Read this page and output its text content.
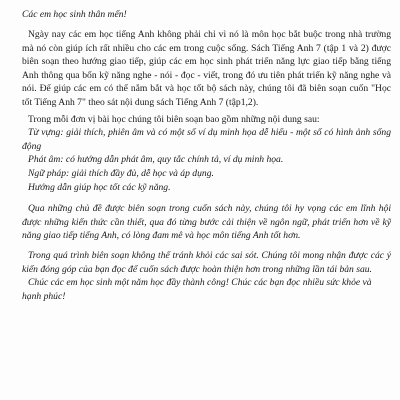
Các em học sinh thân mến!

Ngày nay các em học tiếng Anh không phải chỉ vì nó là môn học bắt buộc trong nhà trường mà nó còn giúp ích rất nhiều cho các em trong cuộc sống. Sách Tiếng Anh 7 (tập 1 và 2) được biên soạn theo hướng giao tiếp, giúp các em học sinh phát triển năng lực giao tiếp bằng tiếng Anh thông qua bốn kỹ năng nghe - nói - đọc - viết, trong đó ưu tiên phát triển kỹ năng nghe và nói. Để giúp các em có thể nắm bắt và học tốt bộ sách này, chúng tôi đã biên soạn cuốn "Học tốt Tiếng Anh 7" theo sát nội dung sách Tiếng Anh 7 (tập1,2).

Trong mỗi đơn vị bài học chúng tôi biên soạn bao gồm những nội dung sau:

Từ vựng: giải thích, phiên âm và có một số ví dụ minh họa dễ hiểu - một số có hình ảnh sống động

Phát âm: có hướng dẫn phát âm, quy tắc chính tả, ví dụ minh họa.

Ngữ pháp: giải thích đầy đủ, dễ học và áp dụng.

Hướng dẫn giúp học tốt các kỹ năng.

Qua những chủ đề được biên soạn trong cuốn sách này, chúng tôi hy vọng các em lĩnh hội được những kiến thức cần thiết, qua đó từng bước cải thiện về ngôn ngữ, phát triển hơn về kỹ năng giao tiếp tiếng Anh, có lòng đam mê và học môn tiếng Anh tốt hơn.

Trong quá trình biên soạn không thể tránh khỏi các sai sót. Chúng tôi mong nhận được các ý kiến đóng góp của bạn đọc để cuốn sách được hoàn thiện hơn trong những lần tái bản sau.

Chúc các em học sinh một năm học đầy thành công! Chúc các bạn đọc nhiều sức khỏe và hạnh phúc!
